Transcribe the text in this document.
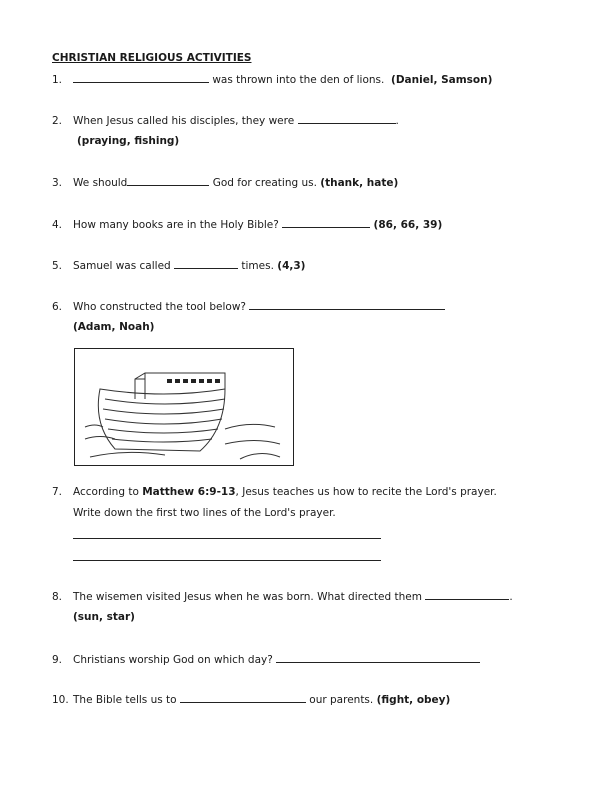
CHRISTIAN RELIGIOUS ACTIVITIES
1.	was thrown into the den of lions. (Daniel, Samson)
2. When Jesus called his disciples, they were	.
(praying, fishing)
3. We should	God for creating us. (thank, hate)
4. How many books are in the Holy Bible?	(86, 66, 39)
5. Samuel was called	times. (4,3)
6. Who constructed the tool below?
(Adam, Noah)
7. According to Matthew 6:9-13, Jesus teaches us how to recite the Lord's prayer.
Write down the first two lines of the Lord's prayer.
8. The wisemen visited Jesus when he was born. What directed them	.
(sun, star)
9. Christians worship God on which day?
10. The Bible tells us to	our parents. (fight, obey)
